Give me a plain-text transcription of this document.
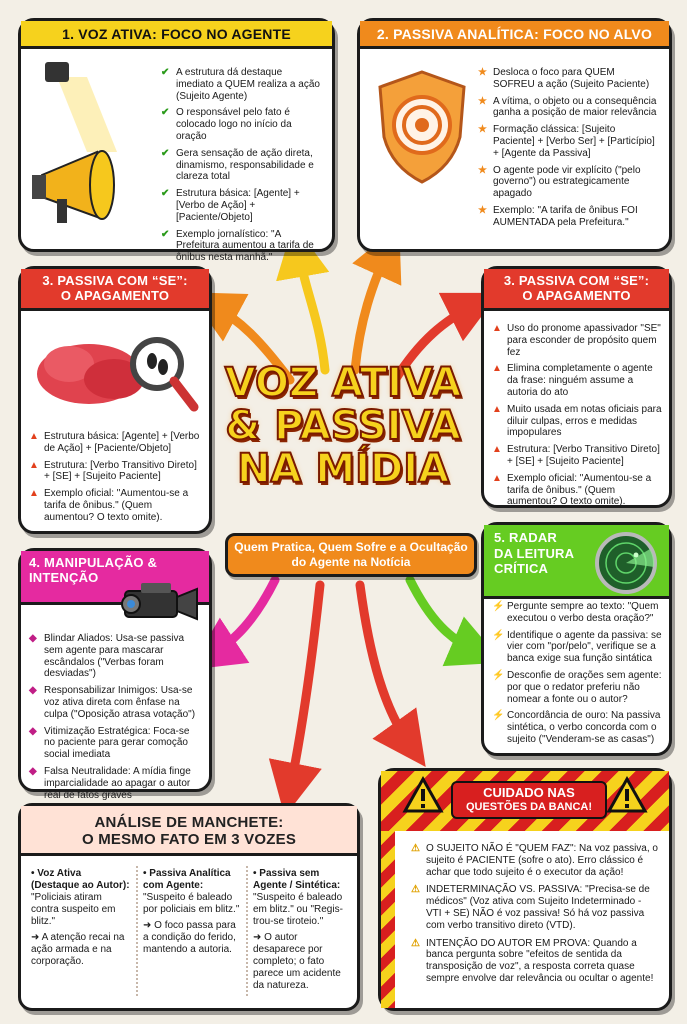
1. VOZ ATIVA: FOCO NO AGENTE
✔ A estrutura dá destaque imediato a QUEM realiza a ação (Sujeito Agente)
✔ O responsável pelo fato é colocado logo no início da oração
✔ Gera sensação de ação direta, dinamismo, responsabilidade e clareza total
✔ Estrutura básica: [Agente] + [Verbo de Ação] + [Paciente/Objeto]
✔ Exemplo jornalístico: "A Prefeitura aumentou a tarifa de ônibus nesta manhã."
2. PASSIVA ANALÍTICA: FOCO NO ALVO
★ Desloca o foco para QUEM SOFREU a ação (Sujeito Paciente)
★ A vítima, o objeto ou a consequência ganha a posição de maior relevância
★ Formação clássica: [Sujeito Paciente] + [Verbo Ser] + [Particípio] + [Agente da Passiva]
★ O agente pode vir explícito ("pelo governo") ou estrategicamente apagado
★ Exemplo: "A tarifa de ônibus FOI AUMENTADA pela Prefeitura."
3. PASSIVA COM “SE”:
O APAGAMENTO
▲ Estrutura básica: [Agente] + [Verbo de Ação] + [Paciente/Objeto]
▲ Estrutura: [Verbo Transitivo Direto] + [SE] + [Sujeito Paciente]
▲ Exemplo oficial: "Aumentou-se a tarifa de ônibus." (Quem aumentou? O texto omite).
3. PASSIVA COM “SE”:
O APAGAMENTO
▲ Uso do pronome apassivador "SE" para esconder de propósito quem fez
▲ Elimina completamente o agente da frase: ninguém assume a autoria do ato
▲ Muito usada em notas oficiais para diluir culpas, erros e medidas impopulares
▲ Estrutura: [Verbo Transitivo Direto] + [SE] + [Sujeito Paciente]
▲ Exemplo oficial: "Aumentou-se a tarifa de ônibus." (Quem aumentou? O texto omite).
VOZ ATIVA
& PASSIVA
NA MÍDIA
Quem Pratica, Quem Sofre e a Ocultação do Agente na Notícia
4. MANIPULAÇÃO &
INTENÇÃO
◆ Blindar Aliados: Usa-se passiva sem agente para mascarar escândalos ("Verbas foram desviadas")
◆ Responsabilizar Inimigos: Usa-se voz ativa direta com ênfase na culpa ("Oposição atrasa votação")
◆ Vitimização Estratégica: Foca-se no paciente para gerar comoção social imediata
◆ Falsa Neutralidade: A mídia finge imparcialidade ao apagar o autor real de fatos graves
5. RADAR
DA LEITURA
CRÍTICA
⚡ Pergunte sempre ao texto: "Quem executou o verbo desta oração?"
⚡ Identifique o agente da passiva: se vier com "por/pelo", verifique se a banca exige sua função sintática
⚡ Desconfie de orações sem agente: por que o redator preferiu não nomear a fonte ou o autor?
⚡ Concordância de ouro: Na passiva sintética, o verbo concorda com o sujeito ("Venderam-se as casas")
ANÁLISE DE MANCHETE:
O MESMO FATO EM 3 VOZES
• Voz Ativa (Destaque ao Autor):
"Policiais atiram contra suspeito em blitz."
➜ A atenção recai na ação armada e na corporação.
• Passiva Analítica com Agente:
"Suspeito é baleado por policiais em blitz."
➜ O foco passa para a condição do ferido, mantendo a autoria.
• Passiva sem Agente / Sintética:
"Suspeito é baleado em blitz." ou "Regis-trou-se tiroteio."
➜ O autor desaparece por completo; o fato parece um acidente da natureza.
CUIDADO NAS
QUESTÕES DA BANCA!
⚠ O SUJEITO NÃO É "QUEM FAZ": Na voz passiva, o sujeito é PACIENTE (sofre o ato). Erro clássico é achar que todo sujeito é o executor da ação!
⚠ INDETERMINAÇÃO VS. PASSIVA: "Precisa-se de médicos" (Voz ativa com Sujeito Indeterminado - VTI + SE) NÃO é voz passiva! Só há voz passiva com verbo transitivo direto (VTD).
⚠ INTENÇÃO DO AUTOR EM PROVA: Quando a banca pergunta sobre "efeitos de sentida da transposição de voz", a resposta correta quase sempre envolve dar relevância ou ocultar o agente!
